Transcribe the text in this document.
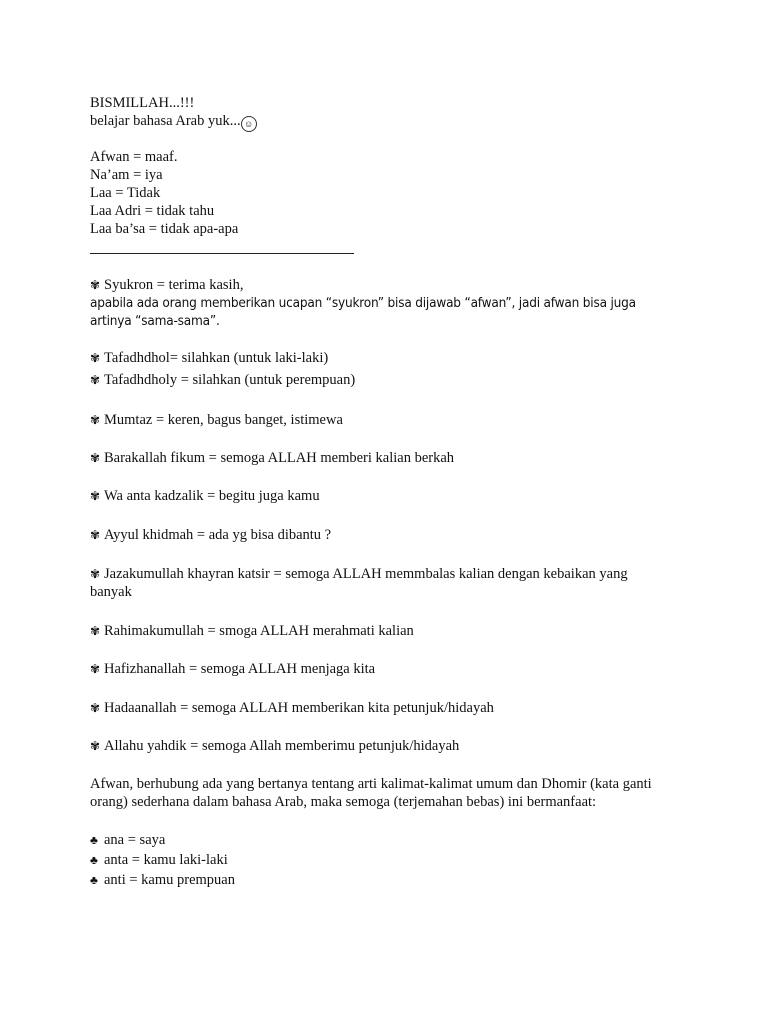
BISMILLAH...!!!
belajar bahasa Arab yuk... ☺
Afwan = maaf.
Na’am = iya
Laa = Tidak
Laa Adri = tidak tahu
Laa ba’sa = tidak apa-apa
✾ Syukron = terima kasih,
apabila ada orang memberikan ucapan “syukron” bisa dijawab “afwan”, jadi afwan bisa juga
artinya “sama-sama”.
✾ Tafadhdhol= silahkan (untuk laki-laki)
✾ Tafadhdholy = silahkan (untuk perempuan)
✾ Mumtaz = keren, bagus banget, istimewa
✾ Barakallah fikum = semoga ALLAH memberi kalian berkah
✾ Wa anta kadzalik = begitu juga kamu
✾ Ayyul khidmah = ada yg bisa dibantu ?
✾ Jazakumullah khayran katsir = semoga ALLAH memmbalas kalian dengan kebaikan yang
banyak
✾ Rahimakumullah = smoga ALLAH merahmati kalian
✾ Hafizhanallah = semoga ALLAH menjaga kita
✾ Hadaanallah = semoga ALLAH memberikan kita petunjuk/hidayah
✾ Allahu yahdik = semoga Allah memberimu petunjuk/hidayah
Afwan, berhubung ada yang bertanya tentang arti kalimat-kalimat umum dan Dhomir (kata ganti
orang) sederhana dalam bahasa Arab, maka semoga (terjemahan bebas) ini bermanfaat:
♣ ana = saya
♣ anta = kamu laki-laki
♣ anti = kamu prempuan
